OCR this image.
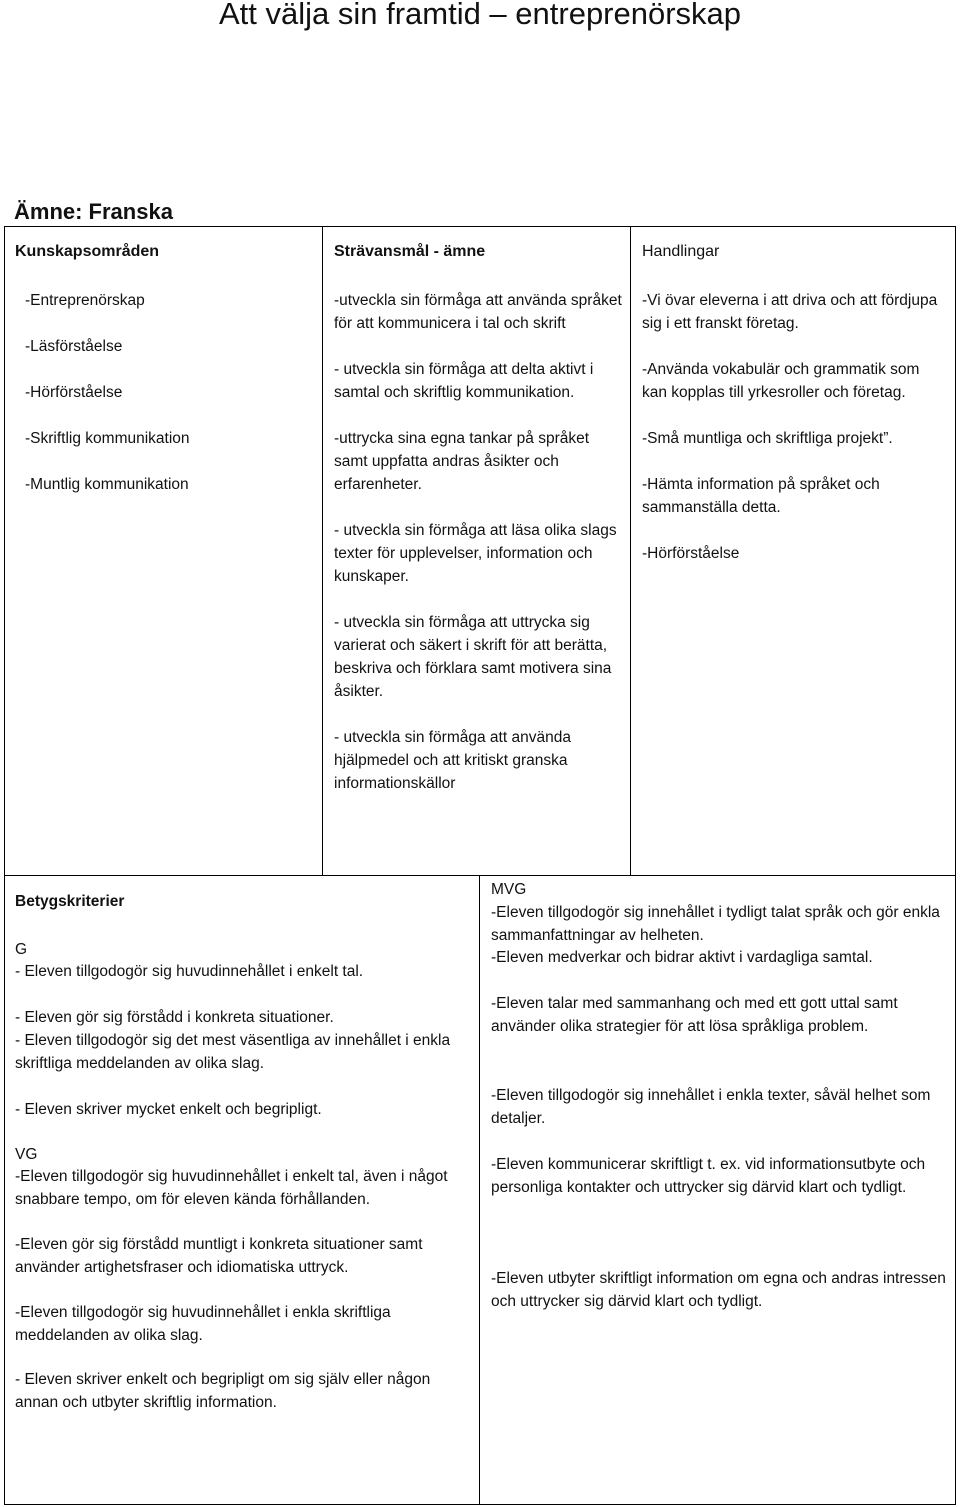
Att välja sin framtid – entreprenörskap
Ämne: Franska
Kunskapsområden
-Entreprenörskap
-Läsförståelse
-Hörförståelse
-Skriftlig kommunikation
-Muntlig kommunikation
Strävansmål - ämne
-utveckla sin förmåga att använda språket för att kommunicera i tal och skrift
- utveckla sin förmåga att delta aktivt i samtal och skriftlig kommunikation.
-uttrycka sina egna tankar på språket samt uppfatta andras åsikter och erfarenheter.
- utveckla sin förmåga att läsa olika slags texter för upplevelser, information och kunskaper.
- utveckla sin förmåga att uttrycka sig varierat och säkert i skrift för att berätta, beskriva och förklara samt motivera sina åsikter.
- utveckla sin förmåga att använda hjälpmedel och att kritiskt granska informationskällor
Handlingar
-Vi övar eleverna i att driva och att fördjupa sig i ett franskt företag.
-Använda vokabulär och grammatik som kan kopplas till yrkesroller och företag.
-Små muntliga och skriftliga projekt”.
-Hämta information på språket och sammanställa detta.
-Hörförståelse

Betygskriterier

G

- Eleven tillgodogör sig huvudinnehållet i enkelt tal.

- Eleven gör sig förstådd i konkreta situationer.

- Eleven tillgodogör sig det mest väsentliga av innehållet i enkla skriftliga meddelanden av olika slag.

- Eleven skriver mycket enkelt och begripligt.

VG

-Eleven tillgodogör sig huvudinnehållet i enkelt tal, även i något snabbare tempo, om för eleven kända förhållanden.

-Eleven gör sig förstådd muntligt i konkreta situationer samt använder artighetsfraser och idiomatiska uttryck.

-Eleven tillgodogör sig huvudinnehållet i enkla skriftliga meddelanden av olika slag.

- Eleven skriver enkelt och begripligt om sig själv eller någon annan och utbyter skriftlig information.

MVG

-Eleven tillgodogör sig innehållet i tydligt talat språk och gör enkla sammanfattningar av helheten.

-Eleven medverkar och bidrar aktivt i vardagliga samtal.

-Eleven talar med sammanhang och med ett gott uttal samt använder olika strategier för att lösa språkliga problem.

-Eleven tillgodogör sig innehållet i enkla texter, såväl helhet som detaljer.

-Eleven kommunicerar skriftligt t. ex. vid informationsutbyte och personliga kontakter och uttrycker sig därvid klart och tydligt.

-Eleven utbyter skriftligt information om egna och andras intressen och uttrycker sig därvid klart och tydligt.
